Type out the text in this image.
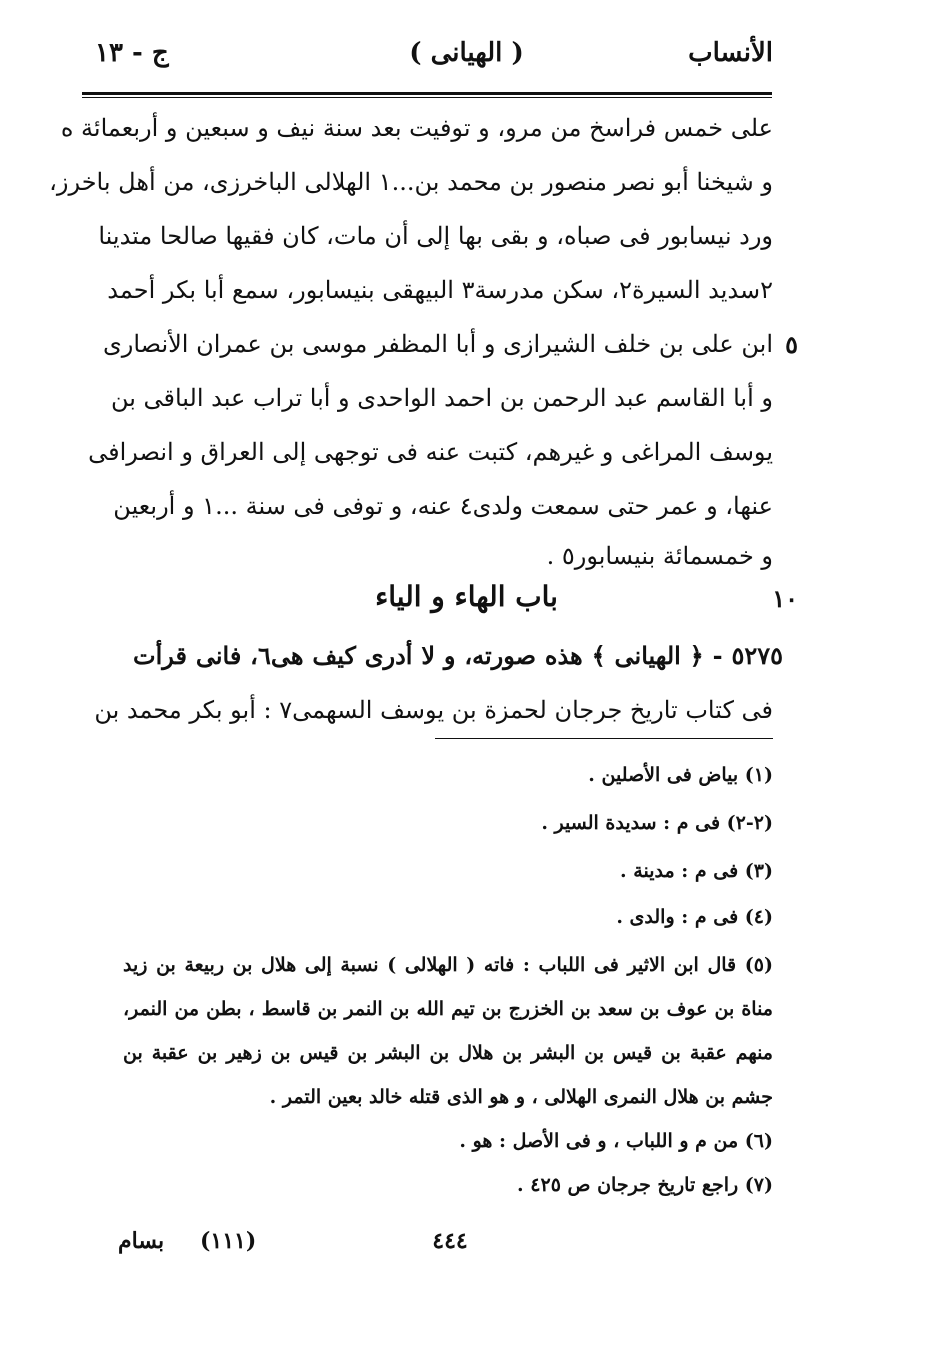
الأنساب
( الهيانى )
ج - ١٣
على خمس فراسخ من مرو، و توفيت بعد سنة نيف و سبعين و أربعمائة ه
و شيخنا أبو نصر منصور بن محمد بن...١ الهلالى الباخرزى، من أهل باخرز،
ورد نيسابور فى صباه، و بقى بها إلى أن مات، كان فقيها صالحا متدينا
٢سديد السيرة٢، سكن مدرسة٣ البيهقى بنيسابور، سمع أبا بكر أحمد
ابن على بن خلف الشيرازى و أبا المظفر موسى بن عمران الأنصارى
و أبا القاسم عبد الرحمن بن احمد الواحدى و أبا تراب عبد الباقى بن
يوسف المراغى و غيرهم، كتبت عنه فى توجهى إلى العراق و انصرافى
عنها، و عمر حتى سمعت ولدى٤ عنه، و توفى فى سنة ...١ و أربعين
و خمسمائة بنيسابور٥ .
٥
١٠
باب الهاء و الياء
٥٢٧٥ - ﴿ الهيانى ﴾ هذه صورته، و لا أدرى كيف هى٦، فانى قرأت
فى كتاب تاريخ جرجان لحمزة بن يوسف السهمى٧ : أبو بكر محمد بن
(١) بياض فى الأصلين .
(٢-٢) فى م : سديدة السير .
(٣) فى م : مدينة .
(٤) فى م : والدى .
(٥) قال ابن الاثير فى اللباب : فاته ( الهلالى ) نسبة إلى هلال بن ربيعة بن زيد
مناة بن عوف بن سعد بن الخزرج بن تيم الله بن النمر بن قاسط ، بطن من النمر،
منهم عقبة بن قيس بن البشر بن هلال بن البشر بن قيس بن زهير بن عقبة بن
جشم بن هلال النمرى الهلالى ، و هو الذى قتله خالد بعين التمر .
(٦) من م و اللباب ، و فى الأصل : هو .
(٧) راجع تاريخ جرجان ص ٤٢٥ .
٤٤٤
(١١١)
بسام
